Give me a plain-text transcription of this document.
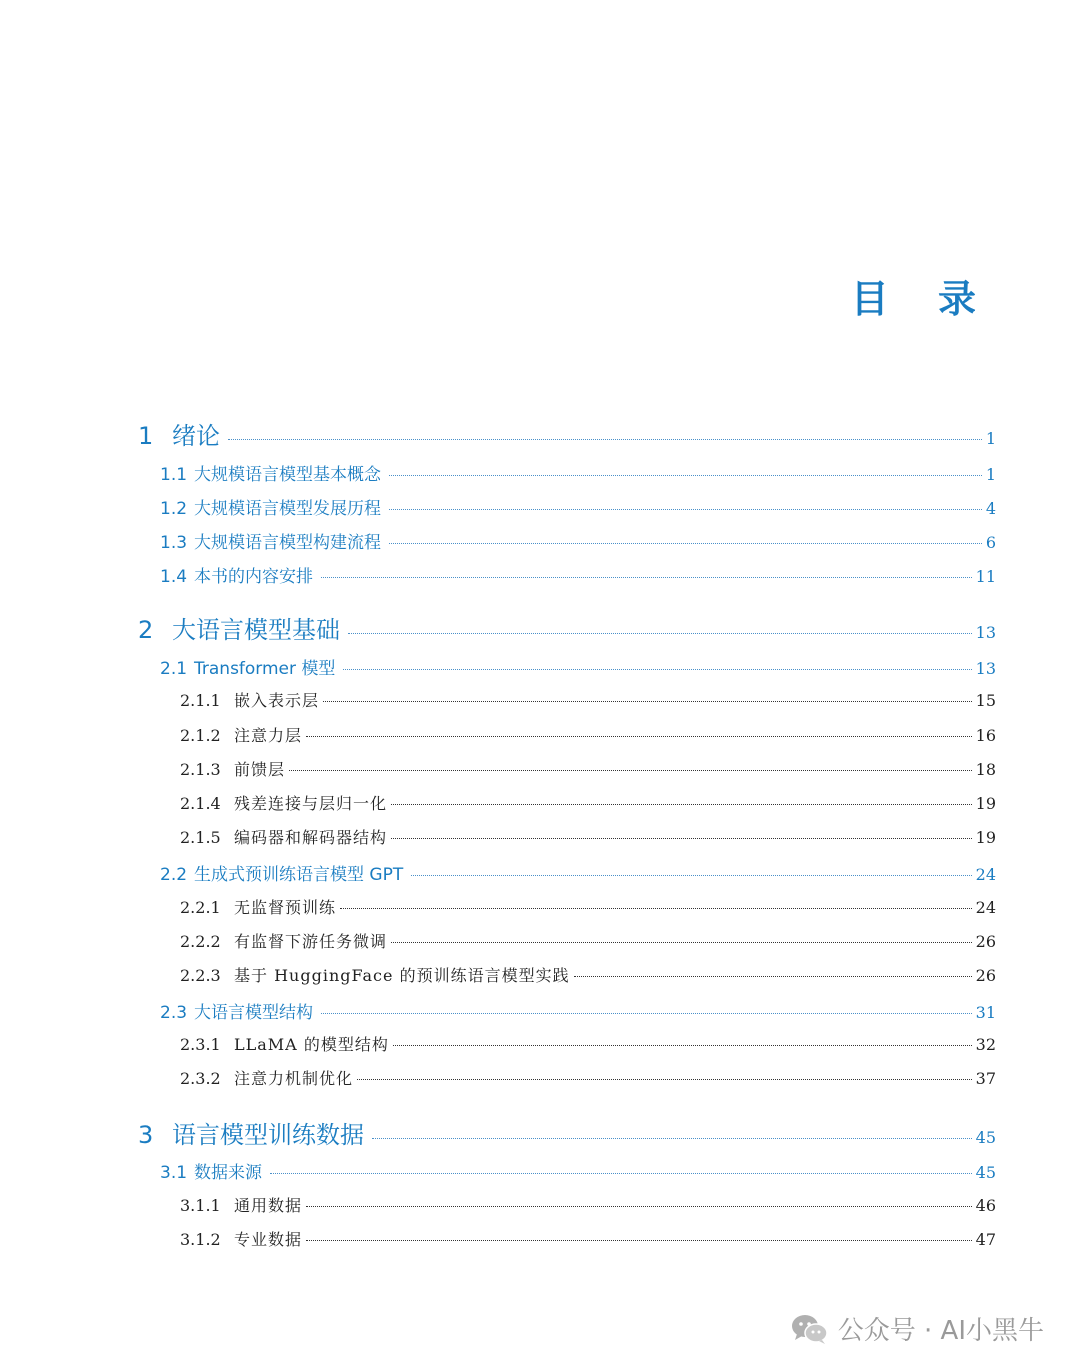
目 录
1 绪论	1
1.1 大规模语言模型基本概念	1
1.2 大规模语言模型发展历程	4
1.3 大规模语言模型构建流程	6
1.4 本书的内容安排	11
2 大语言模型基础	13
2.1 Transformer 模型	13
2.1.1 嵌入表示层	15
2.1.2 注意力层	16
2.1.3 前馈层	18
2.1.4 残差连接与层归一化	19
2.1.5 编码器和解码器结构	19
2.2 生成式预训练语言模型 GPT	24
2.2.1 无监督预训练	24
2.2.2 有监督下游任务微调	26
2.2.3 基于 HuggingFace 的预训练语言模型实践	26
2.3 大语言模型结构	31
2.3.1 LLaMA 的模型结构	32
2.3.2 注意力机制优化	37
3 语言模型训练数据	45
3.1 数据来源	45
3.1.1 通用数据	46
3.1.2 专业数据	47
公众号 · AI小黑牛
